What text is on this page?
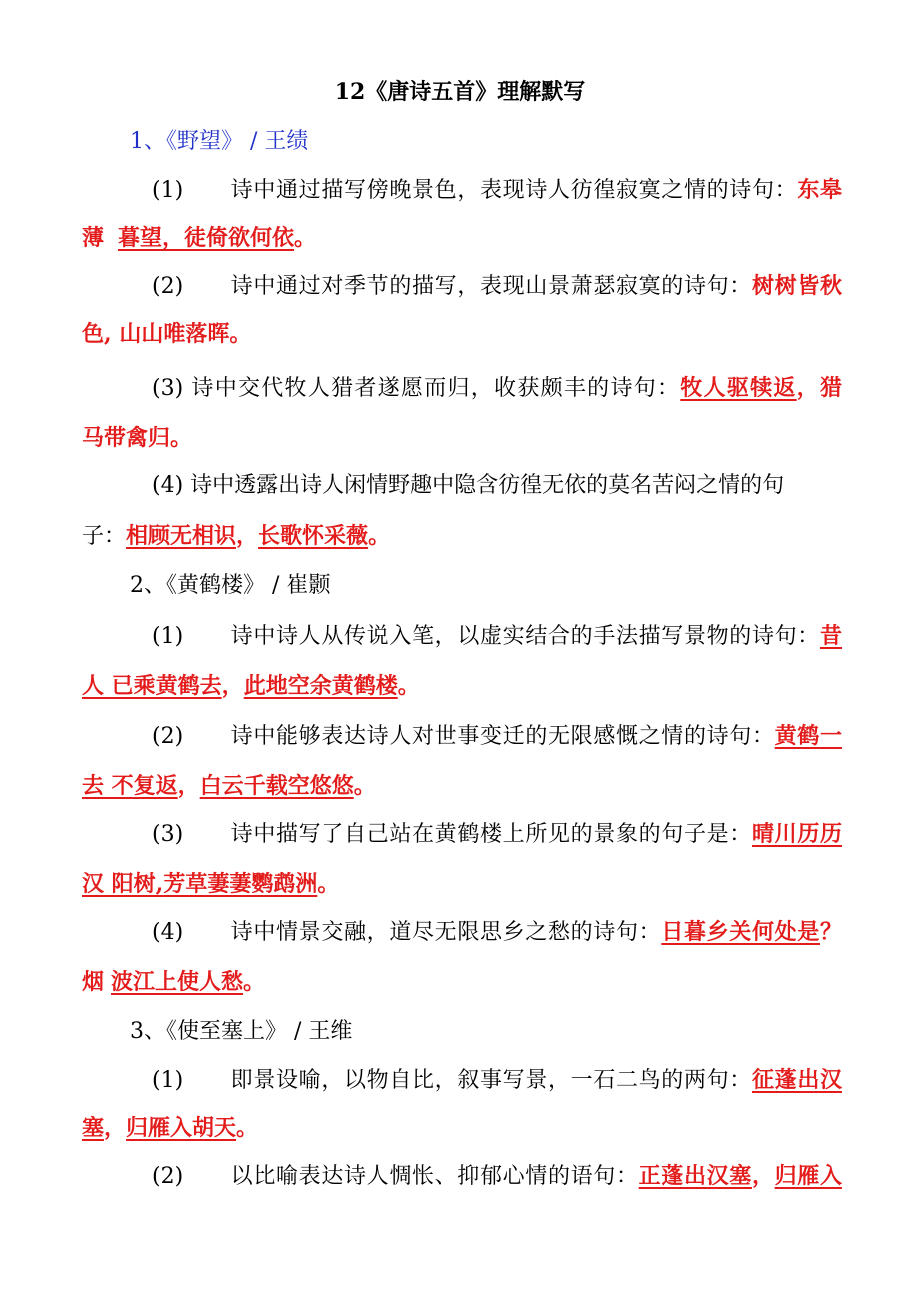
12《唐诗五首》理解默写
1、《野望》 / 王绩
(1) 诗中通过描写傍晚景色，表现诗人彷徨寂寞之情的诗句：东皋
薄 暮望，徒倚欲何依。
(2) 诗中通过对季节的描写，表现山景萧瑟寂寞的诗句：树树皆秋
色, 山山唯落晖。
(3) 诗中交代牧人猎者遂愿而归，收获颇丰的诗句：牧人驱犊返，猎
马带禽归。
(4) 诗中透露出诗人闲情野趣中隐含彷徨无依的莫名苦闷之情的句
子：相顾无相识，长歌怀采薇。
2、《黄鹤楼》 / 崔颢
(1) 诗中诗人从传说入笔，以虚实结合的手法描写景物的诗句：昔
人 已乘黄鹤去，此地空余黄鹤楼。
(2) 诗中能够表达诗人对世事变迁的无限感慨之情的诗句：黄鹤一
去 不复返，白云千载空悠悠。
(3) 诗中描写了自己站在黄鹤楼上所见的景象的句子是：晴川历历
汉 阳树,芳草萋萋鹦鹉洲。
(4) 诗中情景交融，道尽无限思乡之愁的诗句：日暮乡关何处是？
烟 波江上使人愁。
3、《使至塞上》 / 王维
(1) 即景设喻，以物自比，叙事写景，一石二鸟的两句：征蓬出汉
塞，归雁入胡天。
(2) 以比喻表达诗人惆怅、抑郁心情的语句：正蓬出汉塞，归雁入
